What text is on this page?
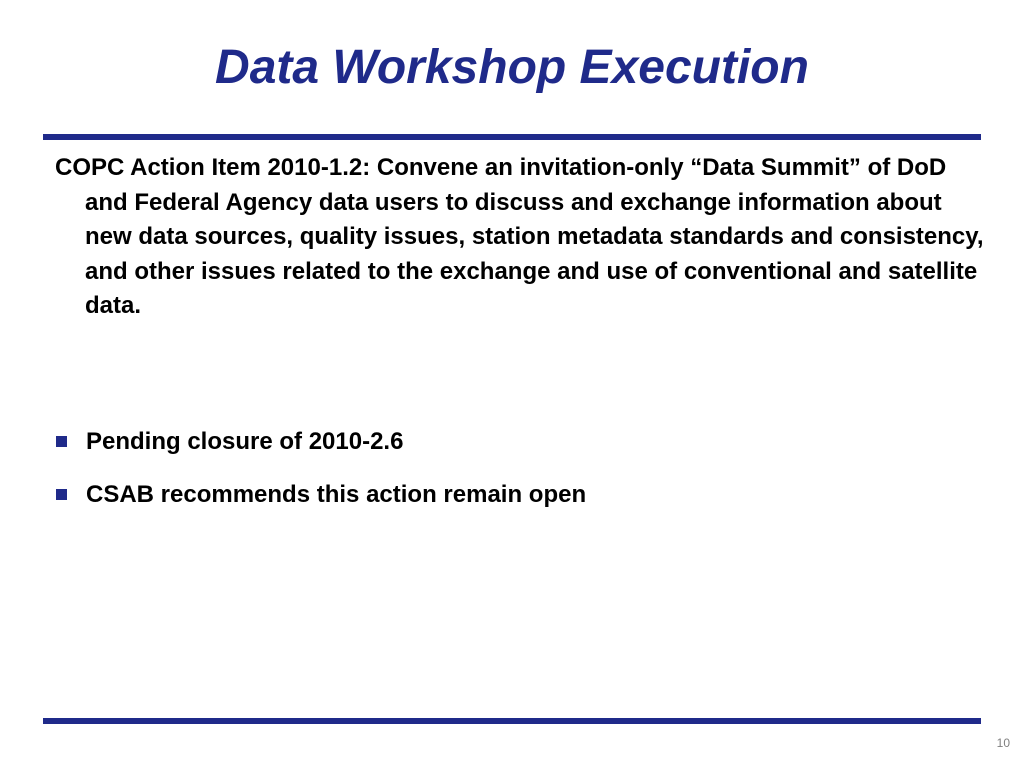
Data Workshop Execution

COPC Action Item 2010-1.2: Convene an invitation-only “Data Summit” of DoD and Federal Agency data users to discuss and exchange information about new data sources, quality issues, station metadata standards and consistency, and other issues related to the exchange and use of conventional and satellite data.

Pending closure of 2010-2.6
CSAB recommends this action remain open
10
